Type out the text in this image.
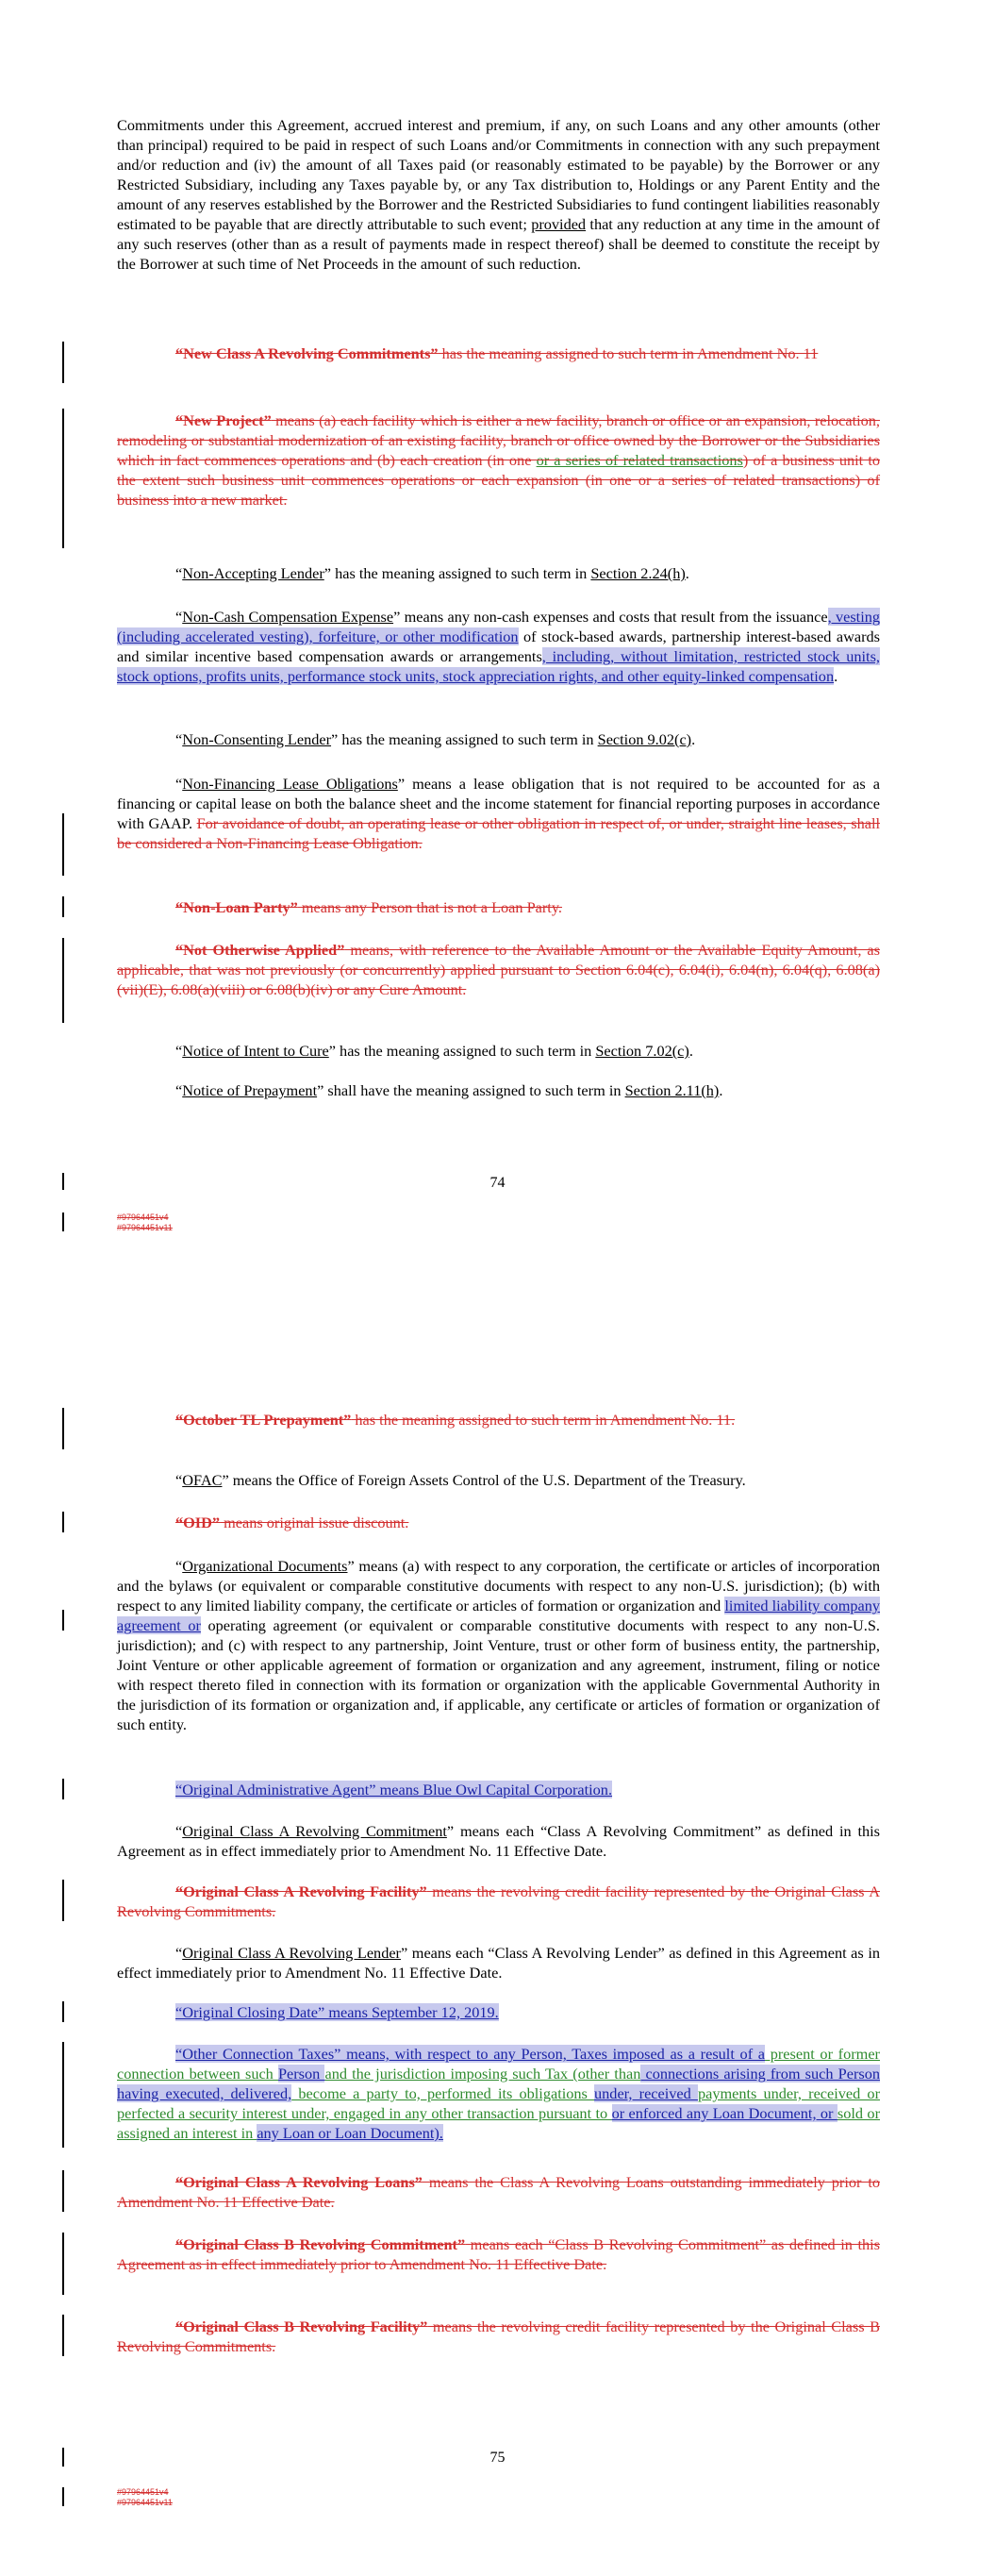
Commitments under this Agreement, accrued interest and premium, if any, on such Loans and any other amounts (other than principal) required to be paid in respect of such Loans and/or Commitments in connection with any such prepayment and/or reduction and (iv) the amount of all Taxes paid (or reasonably estimated to be payable) by the Borrower or any Restricted Subsidiary, including any Taxes payable by, or any Tax distribution to, Holdings or any Parent Entity and the amount of any reserves established by the Borrower and the Restricted Subsidiaries to fund contingent liabilities reasonably estimated to be payable that are directly attributable to such event; provided that any reduction at any time in the amount of any such reserves (other than as a result of payments made in respect thereof) shall be deemed to constitute the receipt by the Borrower at such time of Net Proceeds in the amount of such reduction.

“New Class A Revolving Commitments” has the meaning assigned to such term in Amendment No. 11

“New Project” means (a) each facility which is either a new facility, branch or office or an expansion, relocation, remodeling or substantial modernization of an existing facility, branch or office owned by the Borrower or the Subsidiaries which in fact commences operations and (b) each creation (in one or a series of related transactions) of a business unit to the extent such business unit commences operations or each expansion (in one or a series of related transactions) of business into a new market.

“Non-Accepting Lender” has the meaning assigned to such term in Section 2.24(h).

“Non-Cash Compensation Expense” means any non-cash expenses and costs that result from the issuance, vesting (including accelerated vesting), forfeiture, or other modification of stock-based awards, partnership interest-based awards and similar incentive based compensation awards or arrangements, including, without limitation, restricted stock units, stock options, profits units, performance stock units, stock appreciation rights, and other equity-linked compensation.

“Non-Consenting Lender” has the meaning assigned to such term in Section 9.02(c).

“Non-Financing Lease Obligations” means a lease obligation that is not required to be accounted for as a financing or capital lease on both the balance sheet and the income statement for financial reporting purposes in accordance with GAAP. For avoidance of doubt, an operating lease or other obligation in respect of, or under, straight line leases, shall be considered a Non-Financing Lease Obligation.

“Non-Loan Party” means any Person that is not a Loan Party.

“Not Otherwise Applied” means, with reference to the Available Amount or the Available Equity Amount, as applicable, that was not previously (or concurrently) applied pursuant to Section 6.04(c), 6.04(i), 6.04(n), 6.04(q), 6.08(a)(vii)(E), 6.08(a)(viii) or 6.08(b)(iv) or any Cure Amount.

“Notice of Intent to Cure” has the meaning assigned to such term in Section 7.02(c).

“Notice of Prepayment” shall have the meaning assigned to such term in Section 2.11(h).

74
#97964451v4
#97964451v11

“October TL Prepayment” has the meaning assigned to such term in Amendment No. 11.

“OFAC” means the Office of Foreign Assets Control of the U.S. Department of the Treasury.

“OID” means original issue discount.

“Organizational Documents” means (a) with respect to any corporation, the certificate or articles of incorporation and the bylaws (or equivalent or comparable constitutive documents with respect to any non-U.S. jurisdiction); (b) with respect to any limited liability company, the certificate or articles of formation or organization and limited liability company agreement or operating agreement (or equivalent or comparable constitutive documents with respect to any non-U.S. jurisdiction); and (c) with respect to any partnership, Joint Venture, trust or other form of business entity, the partnership, Joint Venture or other applicable agreement of formation or organization and any agreement, instrument, filing or notice with respect thereto filed in connection with its formation or organization with the applicable Governmental Authority in the jurisdiction of its formation or organization and, if applicable, any certificate or articles of formation or organization of such entity.

“Original Administrative Agent” means Blue Owl Capital Corporation.

“Original Class A Revolving Commitment” means each “Class A Revolving Commitment” as defined in this Agreement as in effect immediately prior to Amendment No. 11 Effective Date.

“Original Class A Revolving Facility” means the revolving credit facility represented by the Original Class A Revolving Commitments.

“Original Class A Revolving Lender” means each “Class A Revolving Lender” as defined in this Agreement as in effect immediately prior to Amendment No. 11 Effective Date.

“Original Closing Date” means September 12, 2019.

“Other Connection Taxes” means, with respect to any Person, Taxes imposed as a result of a present or former connection between such Person and the jurisdiction imposing such Tax (other than connections arising from such Person having executed, delivered, become a party to, performed its obligations under, received payments under, received or perfected a security interest under, engaged in any other transaction pursuant to or enforced any Loan Document, or sold or assigned an interest in any Loan or Loan Document).

“Original Class A Revolving Loans” means the Class A Revolving Loans outstanding immediately prior to Amendment No. 11 Effective Date.

“Original Class B Revolving Commitment” means each “Class B Revolving Commitment” as defined in this Agreement as in effect immediately prior to Amendment No. 11 Effective Date.

“Original Class B Revolving Facility” means the revolving credit facility represented by the Original Class B Revolving Commitments.

75
#97964451v4
#97964451v11
